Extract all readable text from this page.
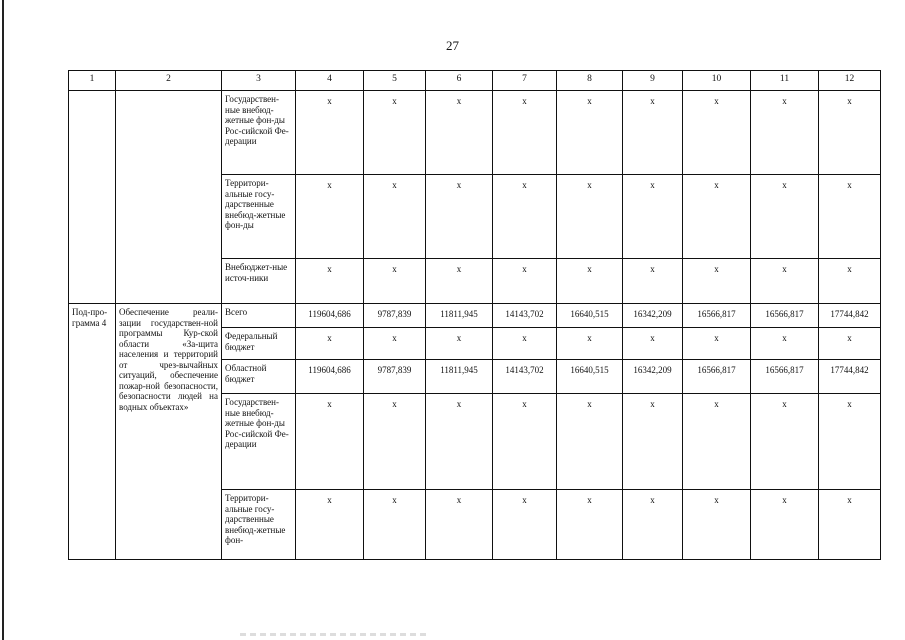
27
1	2	3	4	5	6	7	8	9	10	11	12
		Государствен-ные внебюд-жетные фон-ды Рос-сийской Фе-дерации	x	x	x	x	x	x	x	x	x
		Территори-альные госу-дарственные внебюд-жетные фон-ды	x	x	x	x	x	x	x	x	x
		Внебюджет-ные источ-ники	x	x	x	x	x	x	x	x	x
Под-про-грамма 4	Обеспечение реали-зации государствен-ной программы Кур-ской области «За-щита населения и территорий от чрез-вычайных ситуаций, обеспечение пожар-ной безопасности, безопасности людей на водных объектах»	Всего	119604,686	9787,839	11811,945	14143,702	16640,515	16342,209	16566,817	16566,817	17744,842
		Федеральный бюджет	x	x	x	x	x	x	x	x	x
		Областной бюджет	119604,686	9787,839	11811,945	14143,702	16640,515	16342,209	16566,817	16566,817	17744,842
		Государствен-ные внебюд-жетные фон-ды Рос-сийской Фе-дерации	x	x	x	x	x	x	x	x	x
		Территори-альные госу-дарственные внебюд-жетные фон-	x	x	x	x	x	x	x	x	x
